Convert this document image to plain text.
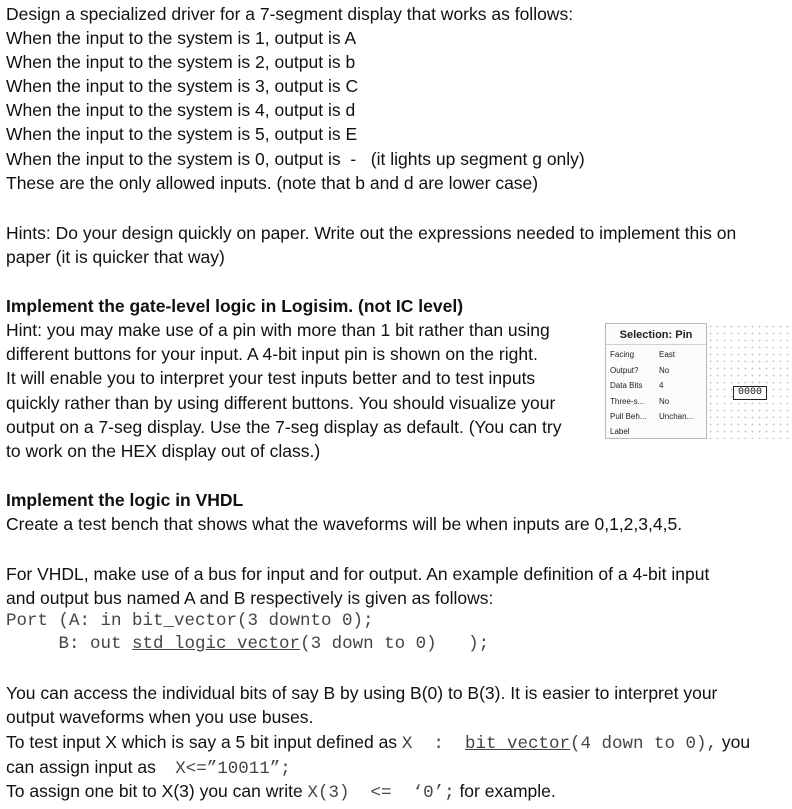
Design a specialized driver for a 7-segment display that works as follows:
When the input to the system is 1, output is A
When the input to the system is 2, output is b
When the input to the system is 3, output is C
When the input to the system is 4, output is d
When the input to the system is 5, output is E
When the input to the system is 0, output is  -   (it lights up segment g only)
These are the only allowed inputs. (note that b and d are lower case)
Hints: Do your design quickly on paper. Write out the expressions needed to implement this on
paper (it is quicker that way)
Implement the gate-level logic in Logisim. (not IC level)
Hint: you may make use of a pin with more than 1 bit rather than using
different buttons for your input. A 4-bit input pin is shown on the right.
It will enable you to interpret your test inputs better and to test inputs
quickly rather than by using different buttons. You should visualize your
output on a 7-seg display. Use the 7-seg display as default. (You can try
to work on the HEX display out of class.)
Selection: Pin
Facing	East
Output?	No
Data Bits 4
Three-s... No
Pull Beh... Unchan...
Label
0000
Implement the logic in VHDL
Create a test bench that shows what the waveforms will be when inputs are 0,1,2,3,4,5.
For VHDL, make use of a bus for input and for output. An example definition of a 4-bit input
and output bus named A and B respectively is given as follows:
Port (A: in bit_vector(3 downto 0);
B: out std_logic_vector(3 down to 0)   );
You can access the individual bits of say B by using B(0) to B(3). It is easier to interpret your
output waveforms when you use buses.
To test input X which is say a 5 bit input defined as X  :  bit_vector(4 down to 0), you
can assign input as    X<=”10011”;
To assign one bit to X(3) you can write X(3)  <=  ‘0’; for example.
